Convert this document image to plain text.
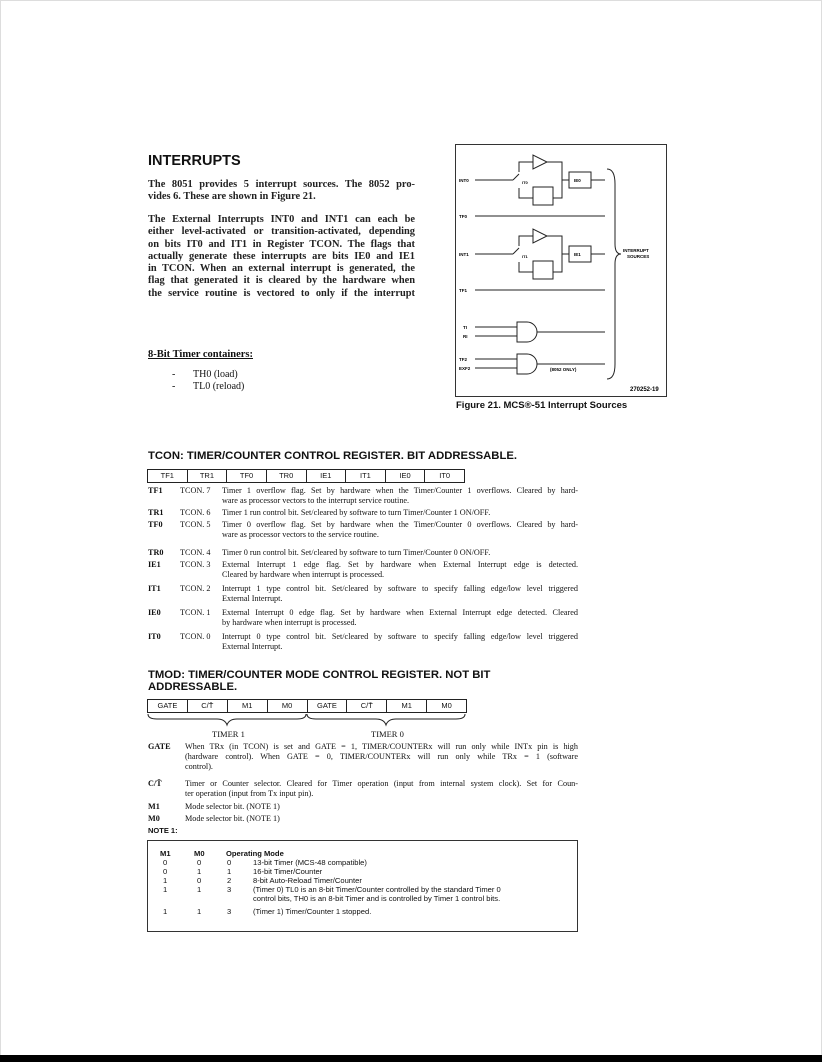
INTERRUPTS
The 8051 provides 5 interrupt sources. The 8052 pro-
vides 6. These are shown in Figure 21.
The External Interrupts INT0 and INT1 can each be
either level-activated or transition-activated, depending
on bits IT0 and IT1 in Register TCON. The flags that
actually generate these interrupts are bits IE0 and IE1
in TCON. When an external interrupt is generated, the
flag that generated it is cleared by the hardware when
the service routine is vectored to only if the interrupt
8-Bit Timer containers:
- TH0 (load)
- TL0 (reload)
INT0
TF0
INT1
TF1
TI
RI
TF2
EXF2
IE0
IE1
IT0
IT1
(8052 ONLY)
INTERRUPT
SOURCES
270252-19
Figure 21. MCS®-51 Interrupt Sources
TCON: TIMER/COUNTER CONTROL REGISTER. BIT ADDRESSABLE.
TF1	TR1	TF0	TR0	IE1	IT1	IE0	IT0
TF1 TCON. 7 Timer 1 overflow flag. Set by hardware when the Timer/Counter 1 overflows. Cleared by hard-
ware as processor vectors to the interrupt service routine.
TR1 TCON. 6 Timer 1 run control bit. Set/cleared by software to turn Timer/Counter 1 ON/OFF.
TF0 TCON. 5 Timer 0 overflow flag. Set by hardware when the Timer/Counter 0 overflows. Cleared by hard-
ware as processor vectors to the service routine.
TR0 TCON. 4 Timer 0 run control bit. Set/cleared by software to turn Timer/Counter 0 ON/OFF.
IE1 TCON. 3 External Interrupt 1 edge flag. Set by hardware when External Interrupt edge is detected.
Cleared by hardware when interrupt is processed.
IT1 TCON. 2 Interrupt 1 type control bit. Set/cleared by software to specify falling edge/low level triggered
External Interrupt.
IE0 TCON. 1 External Interrupt 0 edge flag. Set by hardware when External Interrupt edge detected. Cleared
by hardware when interrupt is processed.
IT0 TCON. 0 Interrupt 0 type control bit. Set/cleared by software to specify falling edge/low level triggered
External Interrupt.
TMOD: TIMER/COUNTER MODE CONTROL REGISTER. NOT BIT
ADDRESSABLE.
GATE	C/T̄	M1	M0	GATE	C/T̄	M1	M0
TIMER 1	TIMER 0
GATE When TRx (in TCON) is set and GATE = 1, TIMER/COUNTERx will run only while INTx pin is high
(hardware control). When GATE = 0, TIMER/COUNTERx will run only while TRx = 1 (software
control).
C/T̄	Timer or Counter selector. Cleared for Timer operation (input from internal system clock). Set for Coun-
ter operation (input from Tx input pin).
M1	Mode selector bit. (NOTE 1)
M0	Mode selector bit. (NOTE 1)
NOTE 1:
M1	M0	Operating Mode
0	0	0	13-bit Timer (MCS-48 compatible)
0	1	1	16-bit Timer/Counter
1	0	2	8-bit Auto-Reload Timer/Counter
1	1	3	(Timer 0) TL0 is an 8-bit Timer/Counter controlled by the standard Timer 0
control bits, TH0 is an 8-bit Timer and is controlled by Timer 1 control bits.
1	1	3	(Timer 1) Timer/Counter 1 stopped.
